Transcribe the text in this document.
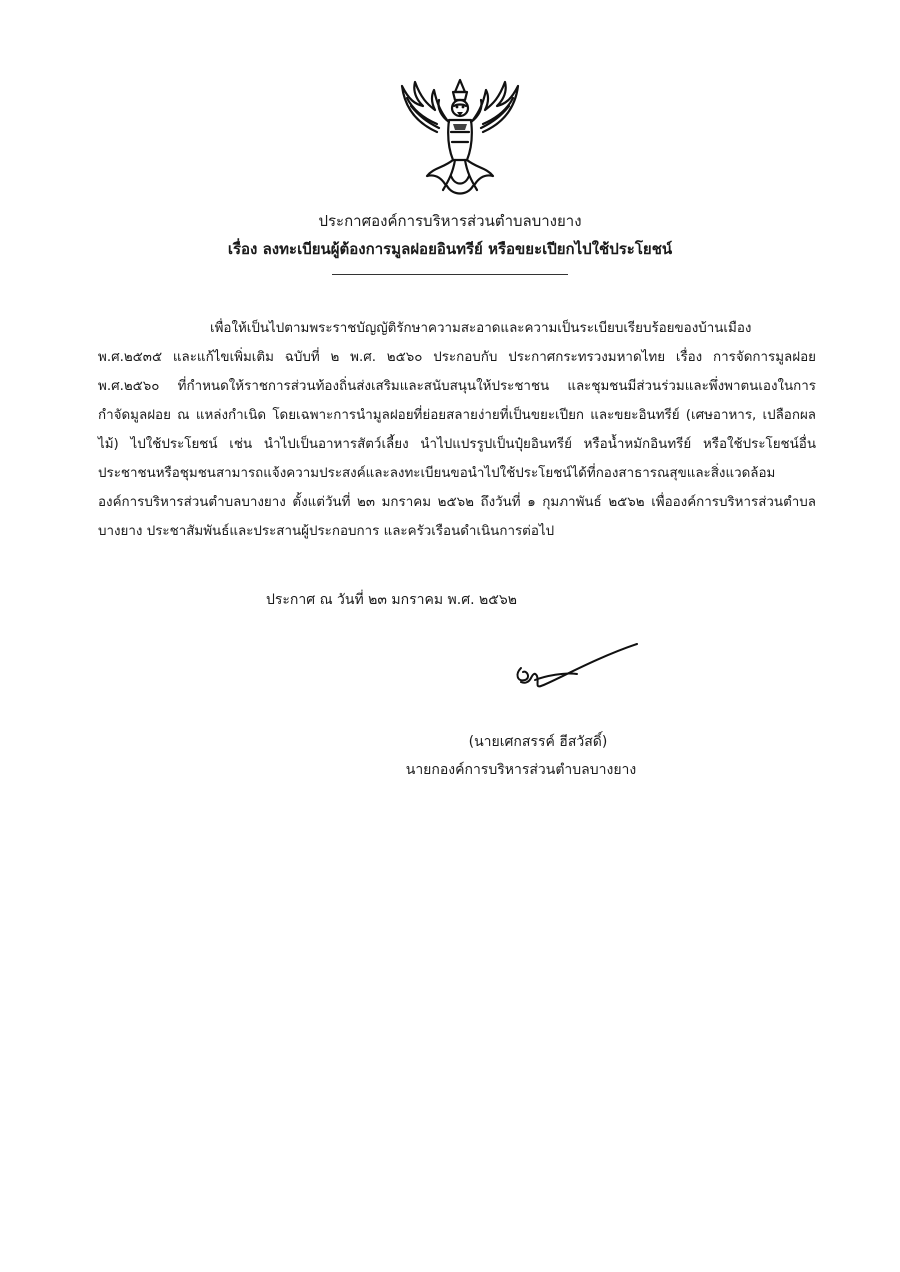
ประกาศองค์การบริหารส่วนตำบลบางยาง
เรื่อง ลงทะเบียนผู้ต้องการมูลฝอยอินทรีย์ หรือขยะเปียกไปใช้ประโยชน์

เพื่อให้เป็นไปตามพระราชบัญญัติรักษาความสะอาดและความเป็นระเบียบเรียบร้อยของบ้านเมือง พ.ศ.๒๕๓๕ และแก้ไขเพิ่มเติม ฉบับที่ ๒ พ.ศ. ๒๕๖๐ ประกอบกับ ประกาศกระทรวงมหาดไทย เรื่อง การจัดการมูลฝอย พ.ศ.๒๕๖๐ ที่กำหนดให้ราชการส่วนท้องถิ่นส่งเสริมและสนับสนุนให้ประชาชน และชุมชนมีส่วนร่วมและพึ่งพาตนเองในการกำจัดมูลฝอย ณ แหล่งกำเนิด โดยเฉพาะการนำมูลฝอยที่ย่อยสลายง่ายที่เป็นขยะเปียก และขยะอินทรีย์ (เศษอาหาร, เปลือกผลไม้) ไปใช้ประโยชน์ เช่น นำไปเป็นอาหารสัตว์เลี้ยง นำไปแปรรูปเป็นปุ๋ยอินทรีย์ หรือน้ำหมักอินทรีย์ หรือใช้ประโยชน์อื่น ประชาชนหรือชุมชนสามารถแจ้งความประสงค์และลงทะเบียนขอนำไปใช้ประโยชน์ได้ที่กองสาธารณสุขและสิ่งแวดล้อม องค์การบริหารส่วนตำบลบางยาง ตั้งแต่วันที่ ๒๓ มกราคม ๒๕๖๒ ถึงวันที่ ๑ กุมภาพันธ์ ๒๕๖๒ เพื่อองค์การบริหารส่วนตำบลบางยาง ประชาสัมพันธ์และประสานผู้ประกอบการ และครัวเรือนดำเนินการต่อไป

ประกาศ ณ วันที่ ๒๓ มกราคม พ.ศ. ๒๕๖๒
(นายเศกสรรค์ ฮีสวัสดิ์)
นายกองค์การบริหารส่วนตำบลบางยาง
